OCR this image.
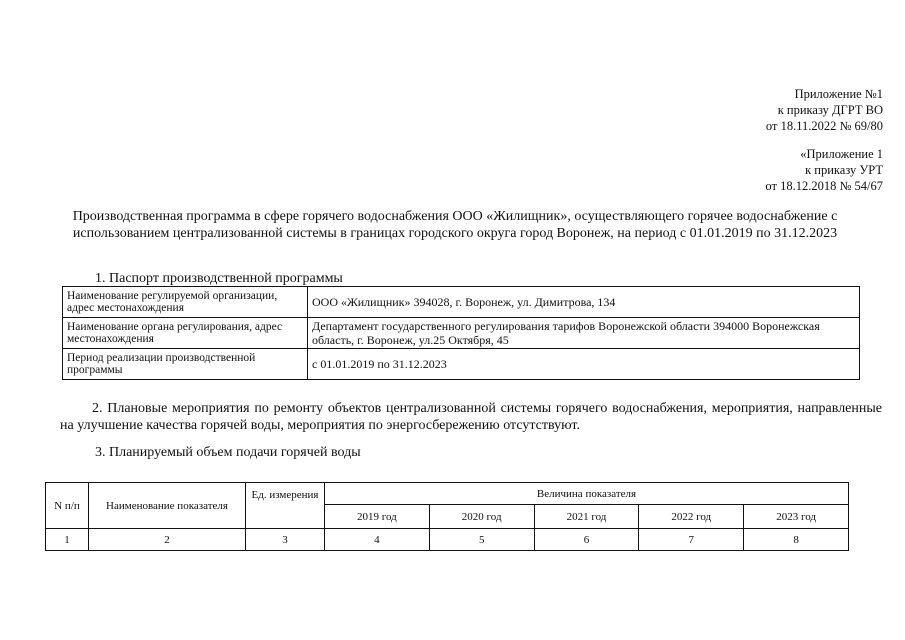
Приложение №1
к приказу ДГРТ ВО
от 18.11.2022 № 69/80
«Приложение 1
к приказу УРТ
от 18.12.2018 № 54/67
Производственная программа в сфере горячего водоснабжения ООО «Жилищник», осуществляющего горячее водоснабжение с использованием централизованной системы в границах городского округа город Воронеж, на период с 01.01.2019 по 31.12.2023
1. Паспорт производственной программы
Наименование регулируемой организации, адрес местонахождения	ООО «Жилищник» 394028, г. Воронеж, ул. Димитрова, 134
Наименование органа регулирования, адрес местонахождения	Департамент государственного регулирования тарифов Воронежской области 394000 Воронежская область, г. Воронеж, ул.25 Октября, 45
Период реализации производственной программы	с 01.01.2019 по 31.12.2023
2. Плановые мероприятия по ремонту объектов централизованной системы горячего водоснабжения, мероприятия, направленные на улучшение качества горячей воды, мероприятия по энергосбережению отсутствуют.
3. Планируемый объем подачи горячей воды
N п/п	Наименование показателя	Ед. измерения	Величина показателя				
			2019 год	2020 год	2021 год	2022 год	2023 год
1	2	3	4	5	6	7	8
